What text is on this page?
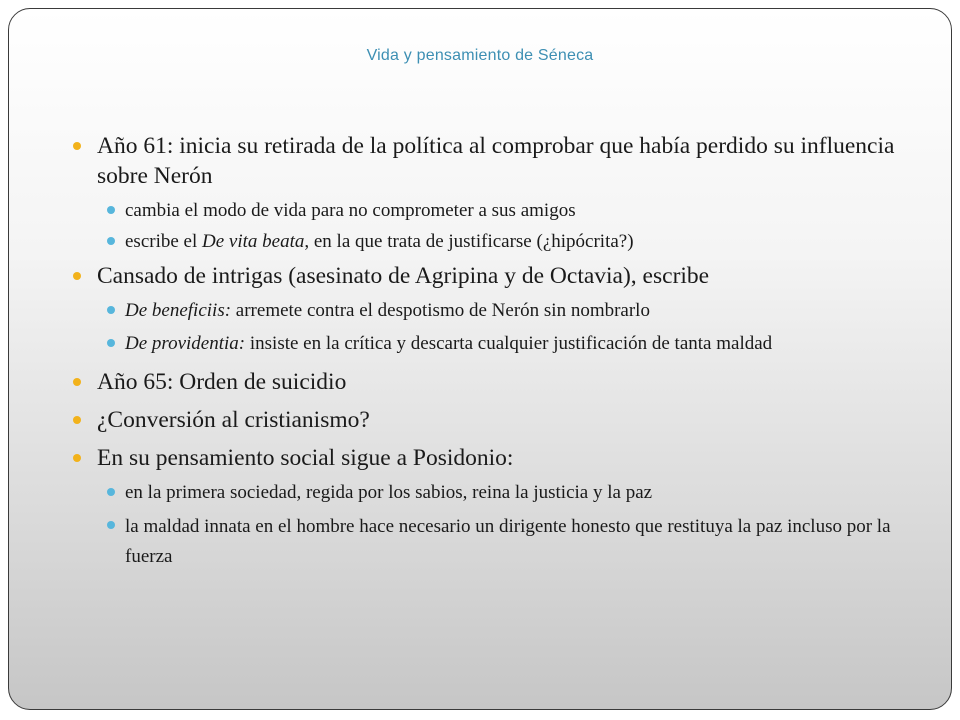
Vida y pensamiento de Séneca

Año 61: inicia su retirada de la política al comprobar que había perdido su influencia sobre Nerón

cambia el modo de vida para no comprometer a sus amigos

escribe el De vita beata, en la que trata de justificarse (¿hipócrita?)

Cansado de intrigas (asesinato de Agripina y de Octavia), escribe

De beneficiis: arremete contra el despotismo de Nerón sin nombrarlo

De providentia: insiste en la crítica y descarta cualquier justificación de tanta maldad

Año 65: Orden de suicidio

¿Conversión al cristianismo?

En su pensamiento social sigue a Posidonio:

en la primera sociedad, regida por los sabios, reina la justicia y la paz

la maldad innata en el hombre hace necesario un dirigente honesto que restituya la paz incluso por la fuerza
